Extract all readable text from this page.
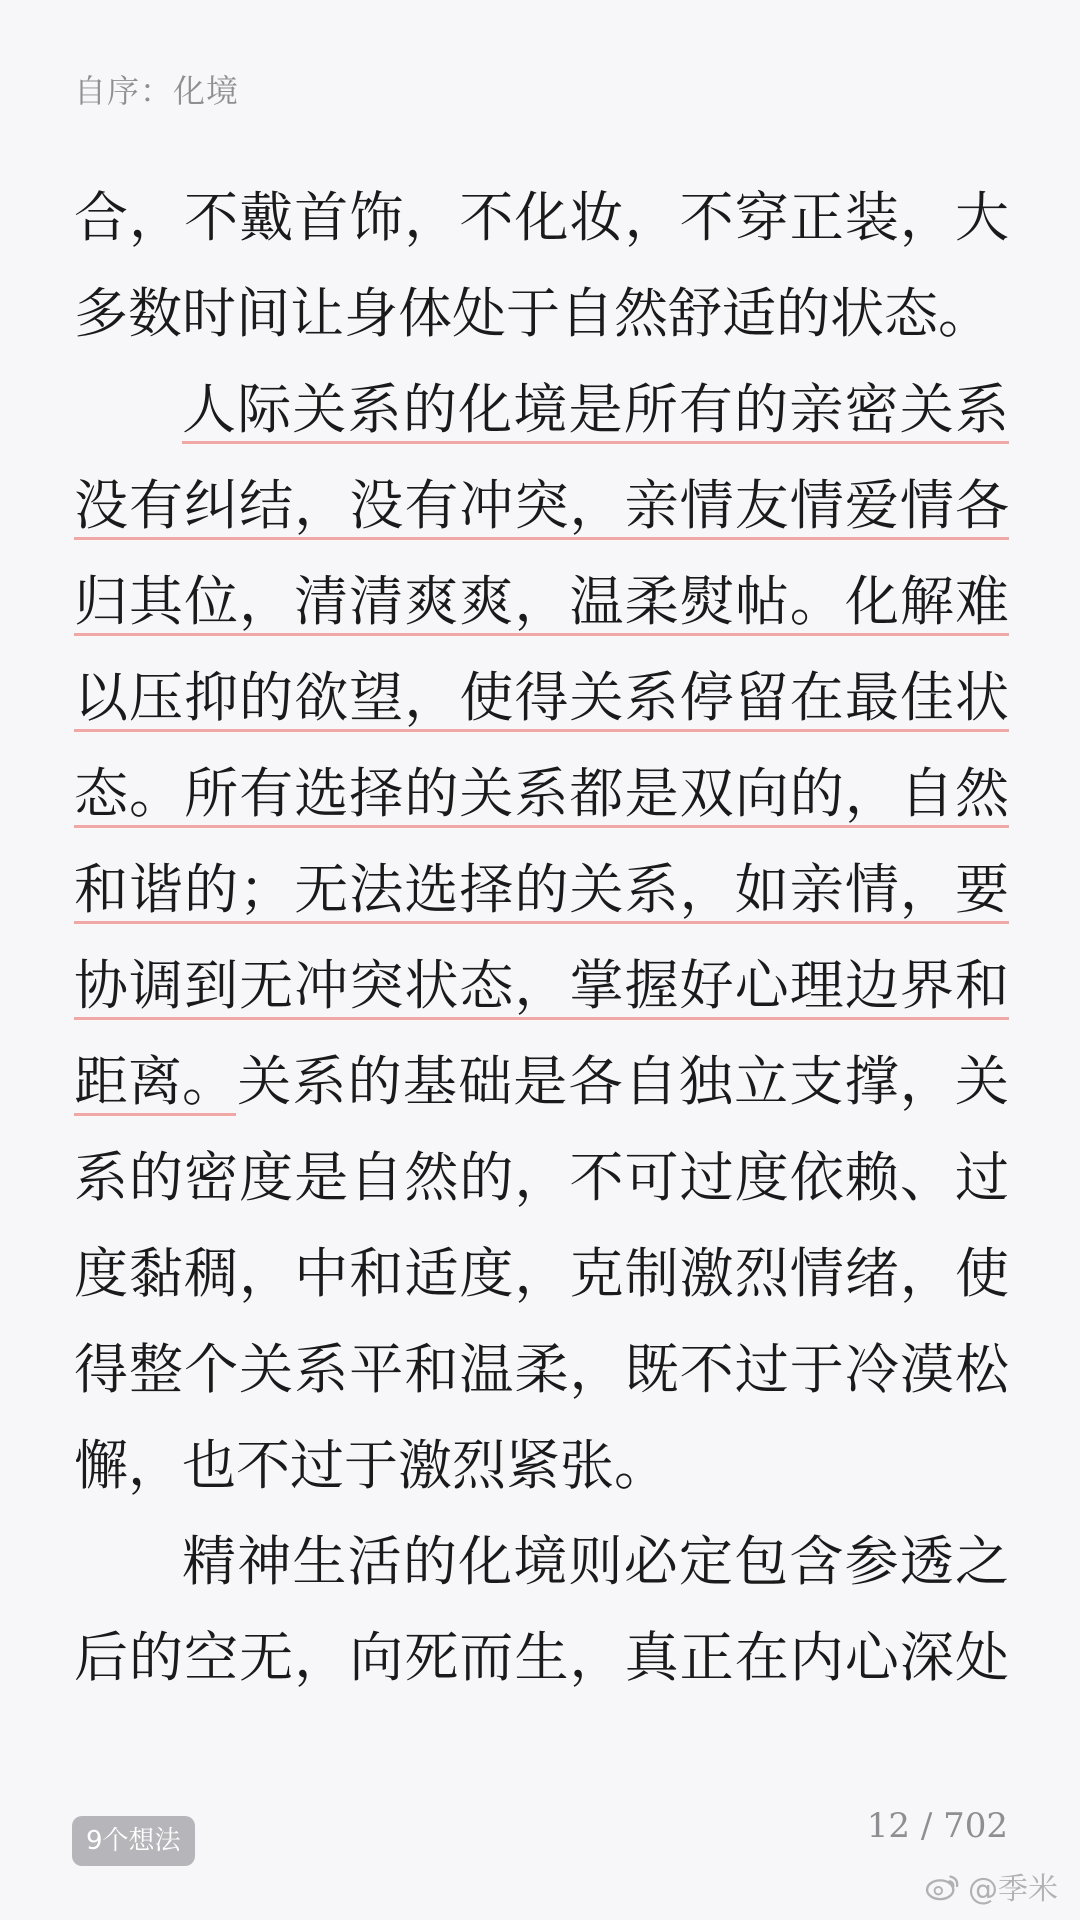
自序：化境
合，不戴首饰，不化妆，不穿正装，大
多数时间让身体处于自然舒适的状态。
人际关系的化境是所有的亲密关系
没有纠结，没有冲突，亲情友情爱情各
归其位，清清爽爽，温柔熨帖。化解难
以压抑的欲望，使得关系停留在最佳状
态。所有选择的关系都是双向的，自然
和谐的；无法选择的关系，如亲情，要
协调到无冲突状态，掌握好心理边界和
距离。关系的基础是各自独立支撑，关
系的密度是自然的，不可过度依赖、过
度黏稠，中和适度，克制激烈情绪，使
得整个关系平和温柔，既不过于冷漠松
懈，也不过于激烈紧张。
精神生活的化境则必定包含参透之
后的空无，向死而生，真正在内心深处
9个想法	12 / 702
@季米
